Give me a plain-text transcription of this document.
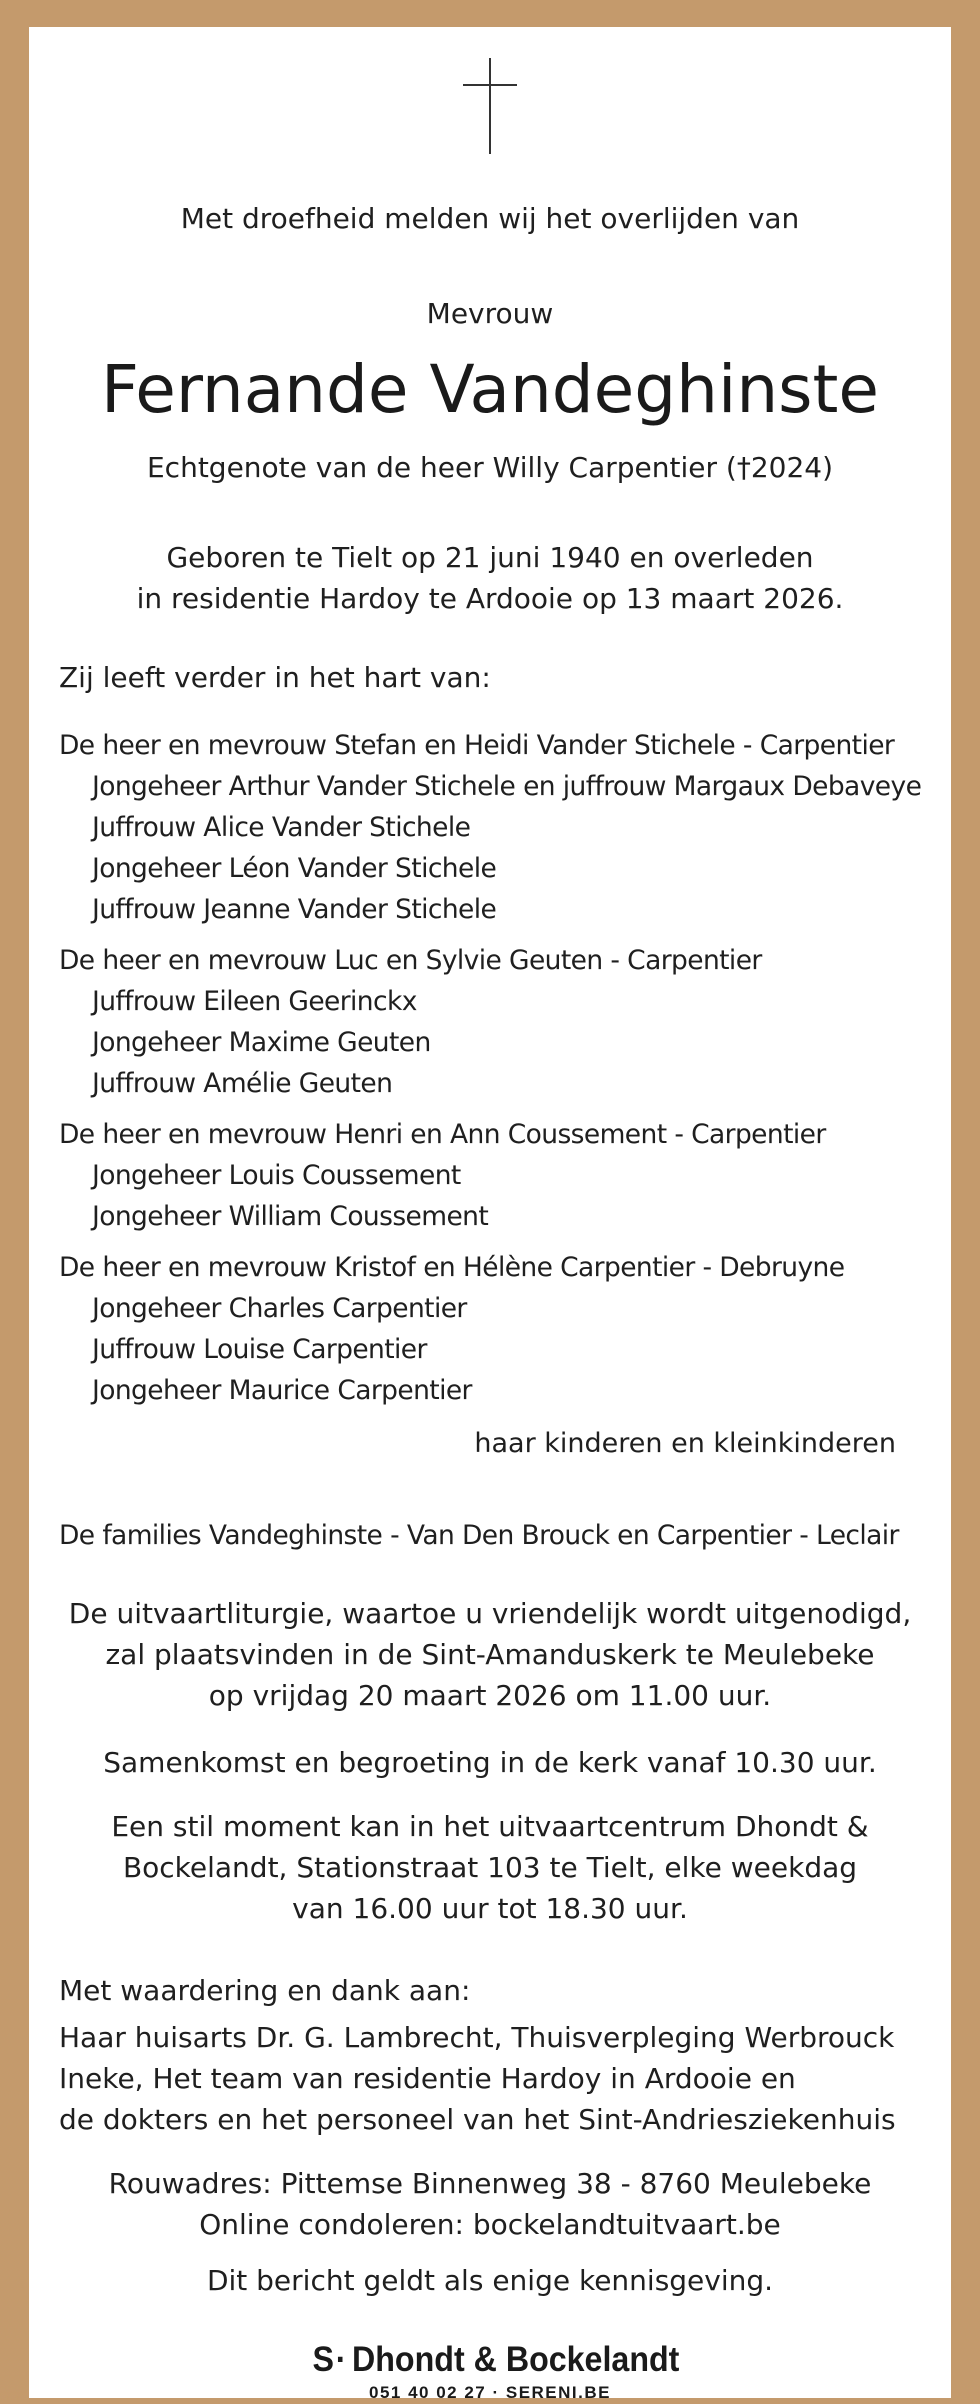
Met droefheid melden wij het overlijden van
Mevrouw
Fernande Vandeghinste
Echtgenote van de heer Willy Carpentier (†2024)
Geboren te Tielt op 21 juni 1940 en overleden
in residentie Hardoy te Ardooie op 13 maart 2026.
Zij leeft verder in het hart van:
De heer en mevrouw Stefan en Heidi Vander Stichele - Carpentier
Jongeheer Arthur Vander Stichele en juffrouw Margaux Debaveye
Juffrouw Alice Vander Stichele
Jongeheer Léon Vander Stichele
Juffrouw Jeanne Vander Stichele
De heer en mevrouw Luc en Sylvie Geuten - Carpentier
Juffrouw Eileen Geerinckx
Jongeheer Maxime Geuten
Juffrouw Amélie Geuten
De heer en mevrouw Henri en Ann Coussement - Carpentier
Jongeheer Louis Coussement
Jongeheer William Coussement
De heer en mevrouw Kristof en Hélène Carpentier - Debruyne
Jongeheer Charles Carpentier
Juffrouw Louise Carpentier
Jongeheer Maurice Carpentier
haar kinderen en kleinkinderen
De families Vandeghinste - Van Den Brouck en Carpentier - Leclair
De uitvaartliturgie, waartoe u vriendelijk wordt uitgenodigd,
zal plaatsvinden in de Sint-Amanduskerk te Meulebeke
op vrijdag 20 maart 2026 om 11.00 uur.
Samenkomst en begroeting in de kerk vanaf 10.30 uur.
Een stil moment kan in het uitvaartcentrum Dhondt &
Bockelandt, Stationstraat 103 te Tielt, elke weekdag
van 16.00 uur tot 18.30 uur.
Met waardering en dank aan:
Haar huisarts Dr. G. Lambrecht, Thuisverpleging Werbrouck
Ineke, Het team van residentie Hardoy in Ardooie en
de dokters en het personeel van het Sint-Andriesziekenhuis
Rouwadres: Pittemse Binnenweg 38 - 8760 Meulebeke
Online condoleren: bockelandtuitvaart.be
Dit bericht geldt als enige kennisgeving.
S· Dhondt & Bockelandt
051 40 02 27 · SERENI.BE
